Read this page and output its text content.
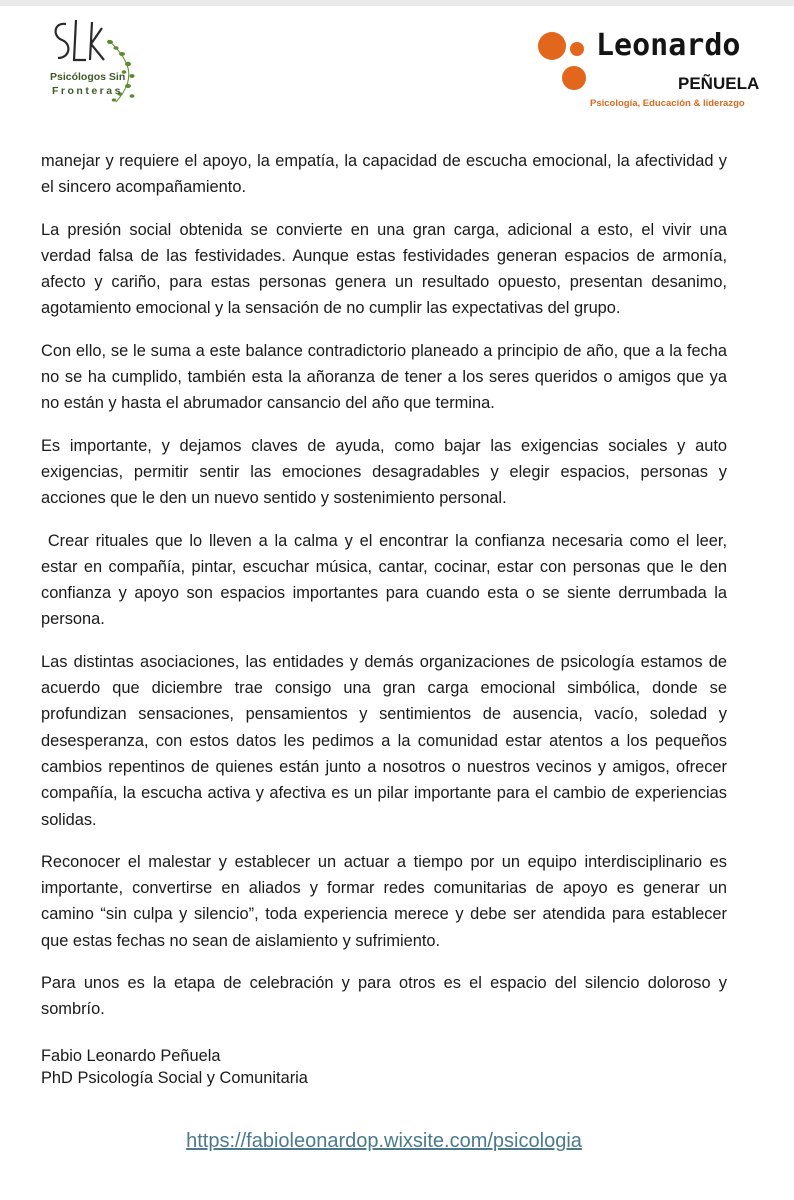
Psicólogos Sin
Fronteras
Leonardo
PEÑUELA
Psicología, Educación & liderazgo

manejar y requiere el apoyo, la empatía, la capacidad de escucha emocional, la afectividad y el sincero acompañamiento.

La presión social obtenida se convierte en una gran carga, adicional a esto, el vivir una verdad falsa de las festividades. Aunque estas festividades generan espacios de armonía, afecto y cariño, para estas personas genera un resultado opuesto, presentan desanimo, agotamiento emocional y la sensación de no cumplir las expectativas del grupo.

Con ello, se le suma a este balance contradictorio planeado a principio de año, que a la fecha no se ha cumplido, también esta la añoranza de tener a los seres queridos o amigos que ya no están y hasta el abrumador cansancio del año que termina.

Es importante, y dejamos claves de ayuda, como bajar las exigencias sociales y auto exigencias, permitir sentir las emociones desagradables y elegir espacios, personas y acciones que le den un nuevo sentido y sostenimiento personal.

Crear rituales que lo lleven a la calma y el encontrar la confianza necesaria como el leer, estar en compañía, pintar, escuchar música, cantar, cocinar, estar con personas que le den confianza y apoyo son espacios importantes para cuando esta o se siente derrumbada la persona.

Las distintas asociaciones, las entidades y demás organizaciones de psicología estamos de acuerdo que diciembre trae consigo una gran carga emocional simbólica, donde se profundizan sensaciones, pensamientos y sentimientos de ausencia, vacío, soledad y desesperanza, con estos datos les pedimos a la comunidad estar atentos a los pequeños cambios repentinos de quienes están junto a nosotros o nuestros vecinos y amigos, ofrecer compañía, la escucha activa y afectiva es un pilar importante para el cambio de experiencias solidas.

Reconocer el malestar y establecer un actuar a tiempo por un equipo interdisciplinario es importante, convertirse en aliados y formar redes comunitarias de apoyo es generar un camino “sin culpa y silencio”, toda experiencia merece y debe ser atendida para establecer que estas fechas no sean de aislamiento y sufrimiento.

Para unos es la etapa de celebración y para otros es el espacio del silencio doloroso y sombrío.

Fabio Leonardo Peñuela
PhD Psicología Social y Comunitaria
https://fabioleonardop.wixsite.com/psicologia
